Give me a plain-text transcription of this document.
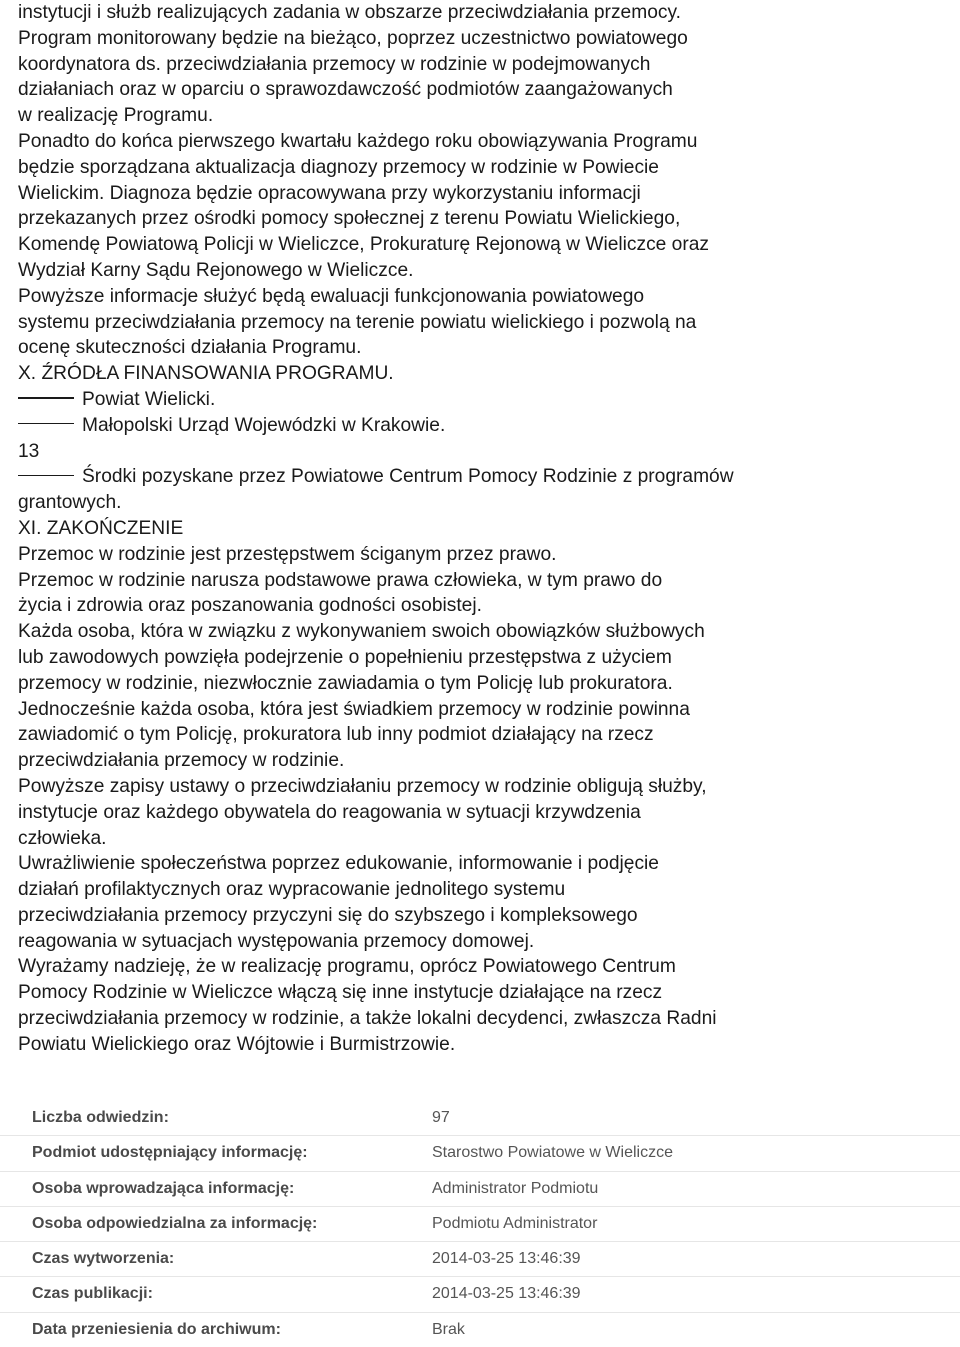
instytucji i służb realizujących zadania w obszarze przeciwdziałania przemocy.
Program monitorowany będzie na bieżąco, poprzez uczestnictwo powiatowego
koordynatora ds. przeciwdziałania przemocy w rodzinie w podejmowanych
działaniach oraz w oparciu o sprawozdawczość podmiotów zaangażowanych
w realizację Programu.
Ponadto do końca pierwszego kwartału każdego roku obowiązywania Programu
będzie sporządzana aktualizacja diagnozy przemocy w rodzinie w Powiecie
Wielickim. Diagnoza będzie opracowywana przy wykorzystaniu informacji
przekazanych przez ośrodki pomocy społecznej z terenu Powiatu Wielickiego,
Komendę Powiatową Policji w Wieliczce, Prokuraturę Rejonową w Wieliczce oraz
Wydział Karny Sądu Rejonowego w Wieliczce.
Powyższe informacje służyć będą ewaluacji funkcjonowania powiatowego
systemu przeciwdziałania przemocy na terenie powiatu wielickiego i pozwolą na
ocenę skuteczności działania Programu.
X. ŹRÓDŁA FINANSOWANIA PROGRAMU.
Powiat Wielicki.
Małopolski Urząd Wojewódzki w Krakowie.
13
Środki pozyskane przez Powiatowe Centrum Pomocy Rodzinie z programów
grantowych.
XI. ZAKOŃCZENIE
Przemoc w rodzinie jest przestępstwem ściganym przez prawo.
Przemoc w rodzinie narusza podstawowe prawa człowieka, w tym prawo do
życia i zdrowia oraz poszanowania godności osobistej.
Każda osoba, która w związku z wykonywaniem swoich obowiązków służbowych
lub zawodowych powzięła podejrzenie o popełnieniu przestępstwa z użyciem
przemocy w rodzinie, niezwłocznie zawiadamia o tym Policję lub prokuratora.
Jednocześnie każda osoba, która jest świadkiem przemocy w rodzinie powinna
zawiadomić o tym Policję, prokuratora lub inny podmiot działający na rzecz
przeciwdziałania przemocy w rodzinie.
Powyższe zapisy ustawy o przeciwdziałaniu przemocy w rodzinie obligują służby,
instytucje oraz każdego obywatela do reagowania w sytuacji krzywdzenia
człowieka.
Uwrażliwienie społeczeństwa poprzez edukowanie, informowanie i podjęcie
działań profilaktycznych oraz wypracowanie jednolitego systemu
przeciwdziałania przemocy przyczyni się do szybszego i kompleksowego
reagowania w sytuacjach występowania przemocy domowej.
Wyrażamy nadzieję, że w realizację programu, oprócz Powiatowego Centrum
Pomocy Rodzinie w Wieliczce włączą się inne instytucje działające na rzecz
przeciwdziałania przemocy w rodzinie, a także lokalni decydenci, zwłaszcza Radni
Powiatu Wielickiego oraz Wójtowie i Burmistrzowie.
Liczba odwiedzin:	97
Podmiot udostępniający informację:	Starostwo Powiatowe w Wieliczce
Osoba wprowadzająca informację:	Administrator Podmiotu
Osoba odpowiedzialna za informację:	Podmiotu Administrator
Czas wytworzenia:	2014-03-25 13:46:39
Czas publikacji:	2014-03-25 13:46:39
Data przeniesienia do archiwum:	Brak
